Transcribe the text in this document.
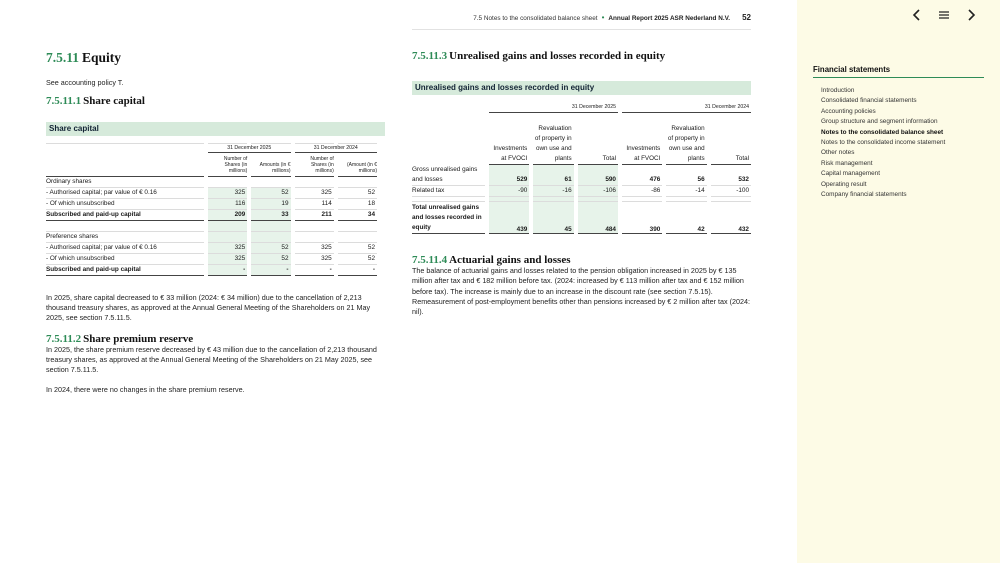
7.5 Notes to the consolidated balance sheet • Annual Report 2025 ASR Nederland N.V. 52
7.5.11 Equity

See accounting policy T.

7.5.11.1 Share capital
Share capital

	31 December 2025		31 December 2024	
	Number of Shares (in millions)	Amounts (in € millions)	Number of Shares (in millions)	(Amount (in € millions)
Ordinary shares				
- Authorised capital; par value of € 0.16	325	52	325	52
- Of which unsubscribed	116	19	114	18
Subscribed and paid-up capital	209	33	211	34

Preference shares				
- Authorised capital; par value of € 0.16	325	52	325	52
- Of which unsubscribed	325	52	325	52
Subscribed and paid-up capital	-	-	-	-

In 2025, share capital decreased to € 33 million (2024: € 34 million) due to the cancellation of 2,213 thousand treasury shares, as approved at the Annual General Meeting of the Shareholders on 21 May 2025, see section 7.5.11.5.

7.5.11.2 Share premium reserve

In 2025, the share premium reserve decreased by € 43 million due to the cancellation of 2,213 thousand treasury shares, as approved at the Annual General Meeting of the Shareholders on 21 May 2025, see section 7.5.11.5.

In 2024, there were no changes in the share premium reserve.

7.5.11.3 Unrealised gains and losses recorded in equity
Unrealised gains and losses recorded in equity
	31 December 2025			31 December 2024		
	Investments at FVOCI	Revaluation of property in own use and plants	Total	Investments at FVOCI	Revaluation of property in own use and plants	Total
Gross unrealised gains and losses	529	61	590	476	56	532
Related tax	-90	-16	-106	-86	-14	-100

Total unrealised gains and losses recorded in equity	439	45	484	390	42	432
7.5.11.4 Actuarial gains and losses

The balance of actuarial gains and losses related to the pension obligation increased in 2025 by € 135 million after tax and € 182 million before tax. (2024: increased by € 113 million after tax and € 152 million before tax). The increase is mainly due to an increase in the discount rate (see section 7.5.15). Remeasurement of post-employment benefits other than pensions increased by € 2 million after tax (2024: nil).

Financial statements
Introduction
Consolidated financial statements
Accounting policies
Group structure and segment information
Notes to the consolidated balance sheet
Notes to the consolidated income statement
Other notes
Risk management
Capital management
Operating result
Company financial statements
